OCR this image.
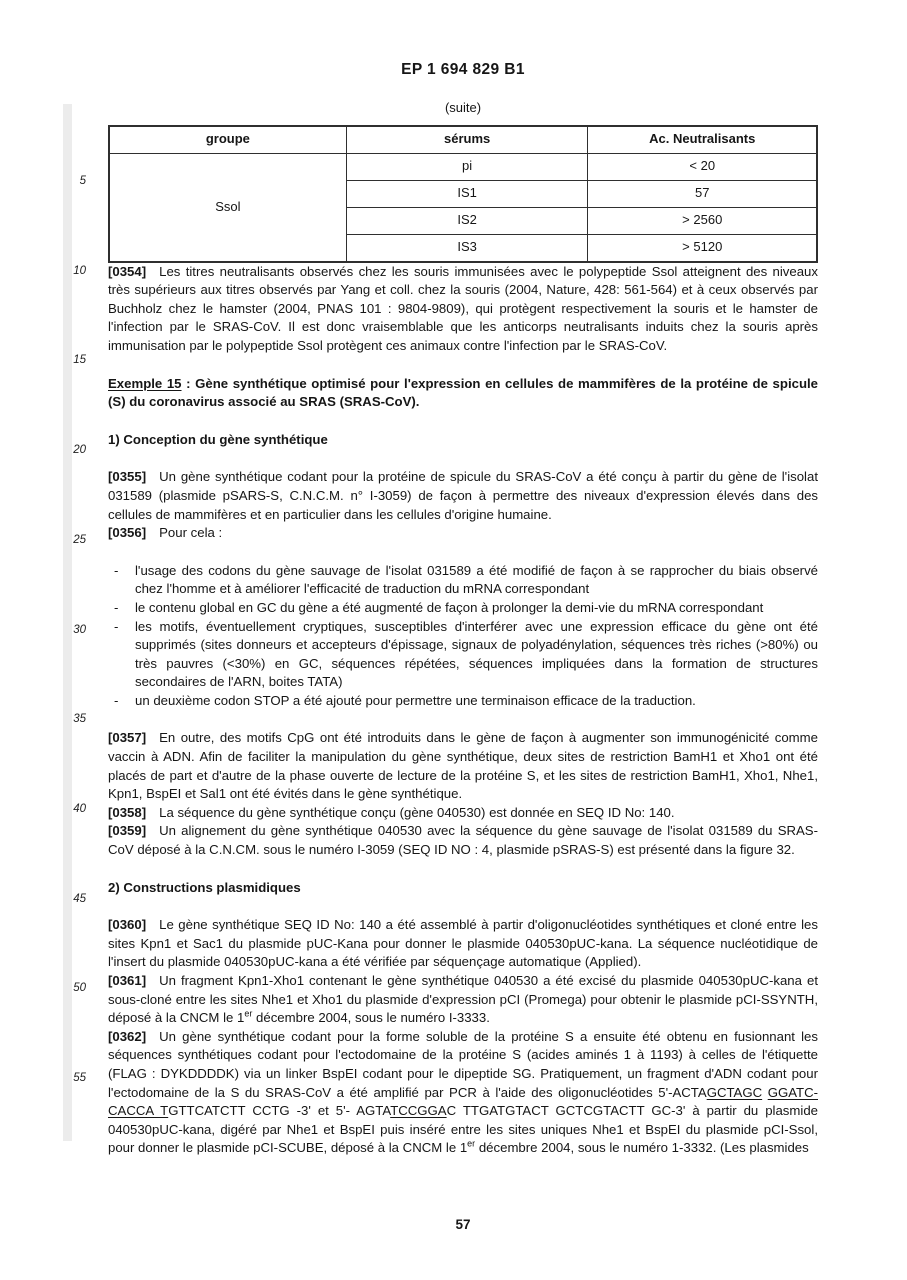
EP 1 694 829 B1
5
10
15
20
25
30
35
40
45
50
55

(suite)

groupe	sérums	Ac. Neutralisants
Ssol	pi	< 20
	IS1	57
	IS2	> 2560
	IS3	> 5120

[0354] Les titres neutralisants observés chez les souris immunisées avec le polypeptide Ssol atteignent des niveaux très supérieurs aux titres observés par Yang et coll. chez la souris (2004, Nature, 428: 561-564) et à ceux observés par Buchholz chez le hamster (2004, PNAS 101 : 9804-9809), qui protègent respectivement la souris et le hamster de l'infection par le SRAS-CoV. Il est donc vraisemblable que les anticorps neutralisants induits chez la souris après immunisation par le polypeptide Ssol protègent ces animaux contre l'infection par le SRAS-CoV.

Exemple 15 : Gène synthétique optimisé pour l'expression en cellules de mammifères de la protéine de spicule (S) du coronavirus associé au SRAS (SRAS-CoV).

1) Conception du gène synthétique

[0355] Un gène synthétique codant pour la protéine de spicule du SRAS-CoV a été conçu à partir du gène de l'isolat 031589 (plasmide pSARS-S, C.N.C.M. n° I-3059) de façon à permettre des niveaux d'expression élevés dans des cellules de mammifères et en particulier dans les cellules d'origine humaine.

[0356] Pour cela :

-	l'usage des codons du gène sauvage de l'isolat 031589 a été modifié de façon à se rapprocher du biais observé chez l'homme et à améliorer l'efficacité de traduction du mRNA correspondant
-	le contenu global en GC du gène a été augmenté de façon à prolonger la demi-vie du mRNA correspondant
-	les motifs, éventuellement cryptiques, susceptibles d'interférer avec une expression efficace du gène ont été supprimés (sites donneurs et accepteurs d'épissage, signaux de polyadénylation, séquences très riches (>80%) ou très pauvres (<30%) en GC, séquences répétées, séquences impliquées dans la formation de structures secondaires de l'ARN, boites TATA)
-	un deuxième codon STOP a été ajouté pour permettre une terminaison efficace de la traduction.

[0357] En outre, des motifs CpG ont été introduits dans le gène de façon à augmenter son immunogénicité comme vaccin à ADN. Afin de faciliter la manipulation du gène synthétique, deux sites de restriction BamH1 et Xho1 ont été placés de part et d'autre de la phase ouverte de lecture de la protéine S, et les sites de restriction BamH1, Xho1, Nhe1, Kpn1, BspEI et Sal1 ont été évités dans le gène synthétique.

[0358] La séquence du gène synthétique conçu (gène 040530) est donnée en SEQ ID No: 140.

[0359] Un alignement du gène synthétique 040530 avec la séquence du gène sauvage de l'isolat 031589 du SRAS-CoV déposé à la C.N.CM. sous le numéro I-3059 (SEQ ID NO : 4, plasmide pSRAS-S) est présenté dans la figure 32.

2) Constructions plasmidiques

[0360] Le gène synthétique SEQ ID No: 140 a été assemblé à partir d'oligonucléotides synthétiques et cloné entre les sites Kpn1 et Sac1 du plasmide pUC-Kana pour donner le plasmide 040530pUC-kana. La séquence nucléotidique de l'insert du plasmide 040530pUC-kana a été vérifiée par séquençage automatique (Applied).

[0361] Un fragment Kpn1-Xho1 contenant le gène synthétique 040530 a été excisé du plasmide 040530pUC-kana et sous-cloné entre les sites Nhe1 et Xho1 du plasmide d'expression pCI (Promega) pour obtenir le plasmide pCI-SSYNTH, déposé à la CNCM le 1er décembre 2004, sous le numéro I-3333.

[0362] Un gène synthétique codant pour la forme soluble de la protéine S a ensuite été obtenu en fusionnant les séquences synthétiques codant pour l'ectodomaine de la protéine S (acides aminés 1 à 1193) à celles de l'étiquette (FLAG : DYKDDDDK) via un linker BspEI codant pour le dipeptide SG. Pratiquement, un fragment d'ADN codant pour l'ectodomaine de la S du SRAS-CoV a été amplifié par PCR à l'aide des oligonucléotides 5'-ACTAGCTAGC GGATC-CACCA TGTTCATCTT CCTG -3' et 5'- AGTATCCGGAC TTGATGTACT GCTCGTACTT GC-3' à partir du plasmide 040530pUC-kana, digéré par Nhe1 et BspEI puis inséré entre les sites uniques Nhe1 et BspEI du plasmide pCI-Ssol, pour donner le plasmide pCI-SCUBE, déposé à la CNCM le 1er décembre 2004, sous le numéro 1-3332. (Les plasmides

57
